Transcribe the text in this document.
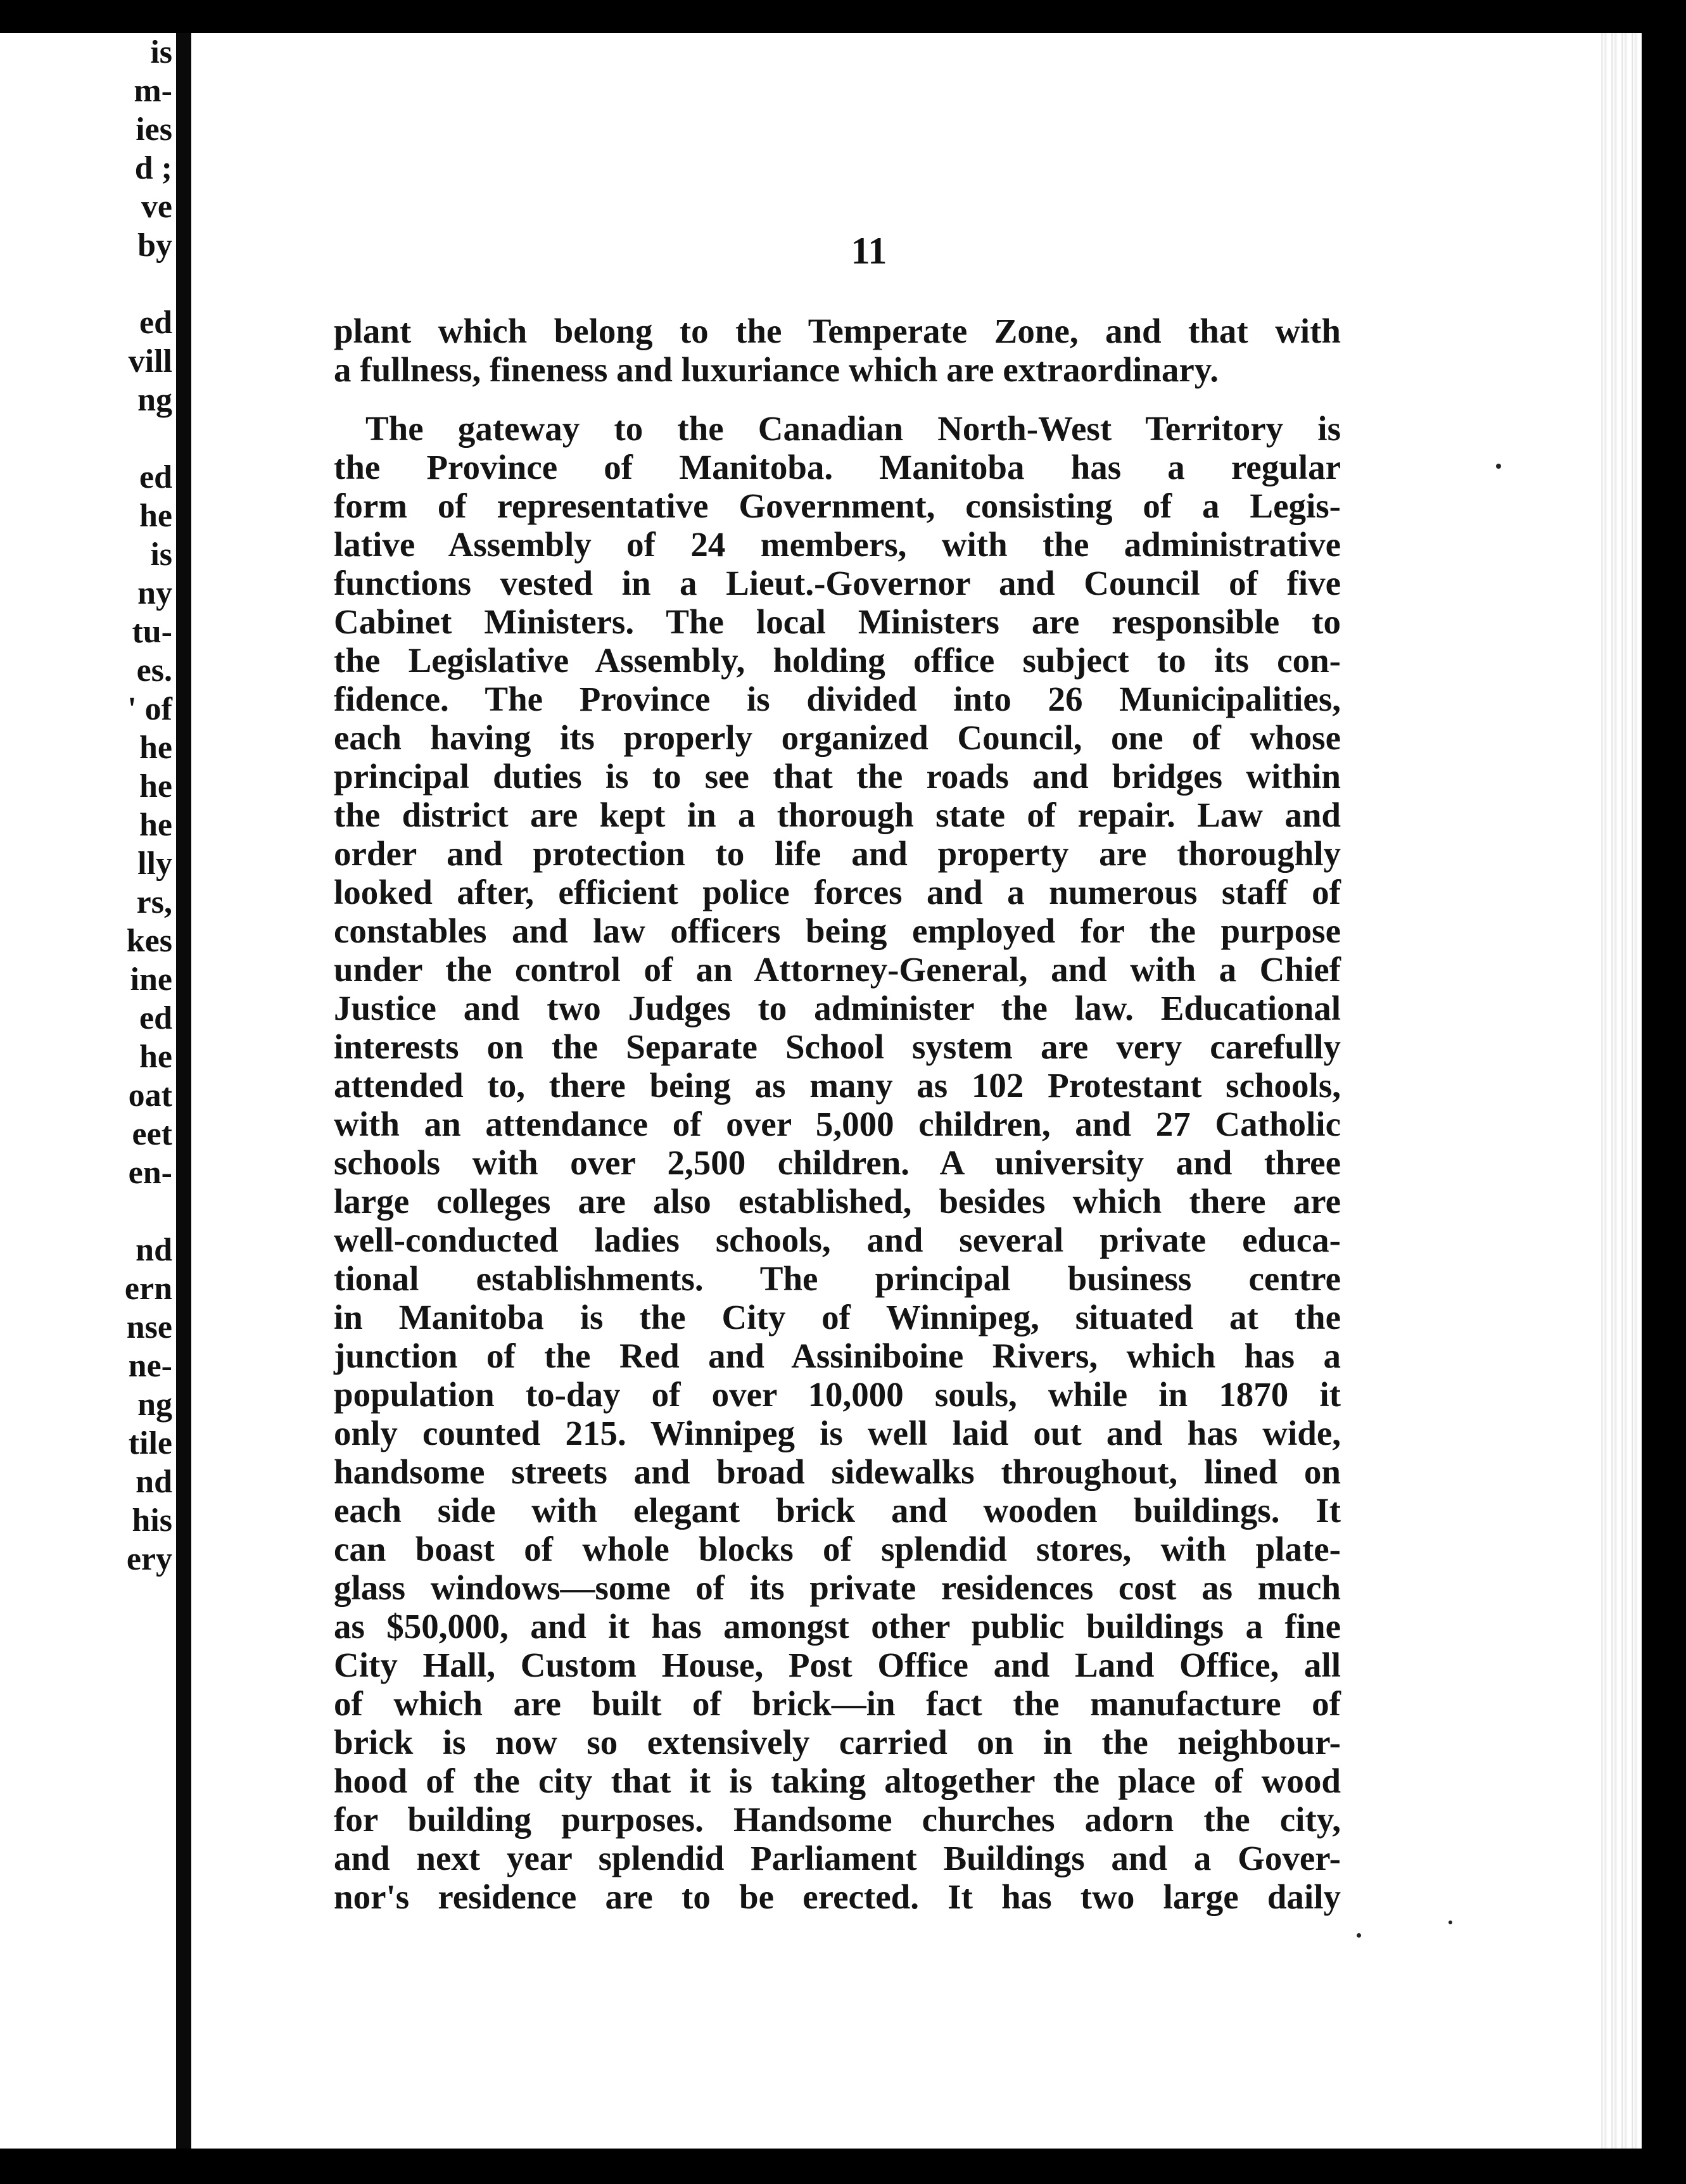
is
m-
ies
d ;
ve
by
ed
vill
ng
ed
he
is
ny
tu-
es.
' of
he
he
he
lly
rs,
kes
ine
ed
he
oat
eet
en-
nd
ern
nse
ne-
ng
tile
nd
his
ery
11
plant which belong to the Temperate Zone, and that with
a fullness, fineness and luxuriance which are extraordinary.
The gateway to the Canadian North-West Territory is
the Province of Manitoba. Manitoba has a regular
form of representative Government, consisting of a Legis-
lative Assembly of 24 members, with the administrative
functions vested in a Lieut.-Governor and Council of five
Cabinet Ministers. The local Ministers are responsible to
the Legislative Assembly, holding office subject to its con-
fidence. The Province is divided into 26 Municipalities,
each having its properly organized Council, one of whose
principal duties is to see that the roads and bridges within
the district are kept in a thorough state of repair. Law and
order and protection to life and property are thoroughly
looked after, efficient police forces and a numerous staff of
constables and law officers being employed for the purpose
under the control of an Attorney-General, and with a Chief
Justice and two Judges to administer the law. Educational
interests on the Separate School system are very carefully
attended to, there being as many as 102 Protestant schools,
with an attendance of over 5,000 children, and 27 Catholic
schools with over 2,500 children. A university and three
large colleges are also established, besides which there are
well-conducted ladies schools, and several private educa-
tional establishments. The principal business centre
in Manitoba is the City of Winnipeg, situated at the
junction of the Red and Assiniboine Rivers, which has a
population to-day of over 10,000 souls, while in 1870 it
only counted 215. Winnipeg is well laid out and has wide,
handsome streets and broad sidewalks throughout, lined on
each side with elegant brick and wooden buildings. It
can boast of whole blocks of splendid stores, with plate-
glass windows—some of its private residences cost as much
as $50,000, and it has amongst other public buildings a fine
City Hall, Custom House, Post Office and Land Office, all
of which are built of brick—in fact the manufacture of
brick is now so extensively carried on in the neighbour-
hood of the city that it is taking altogether the place of wood
for building purposes. Handsome churches adorn the city,
and next year splendid Parliament Buildings and a Gover-
nor's residence are to be erected. It has two large daily
